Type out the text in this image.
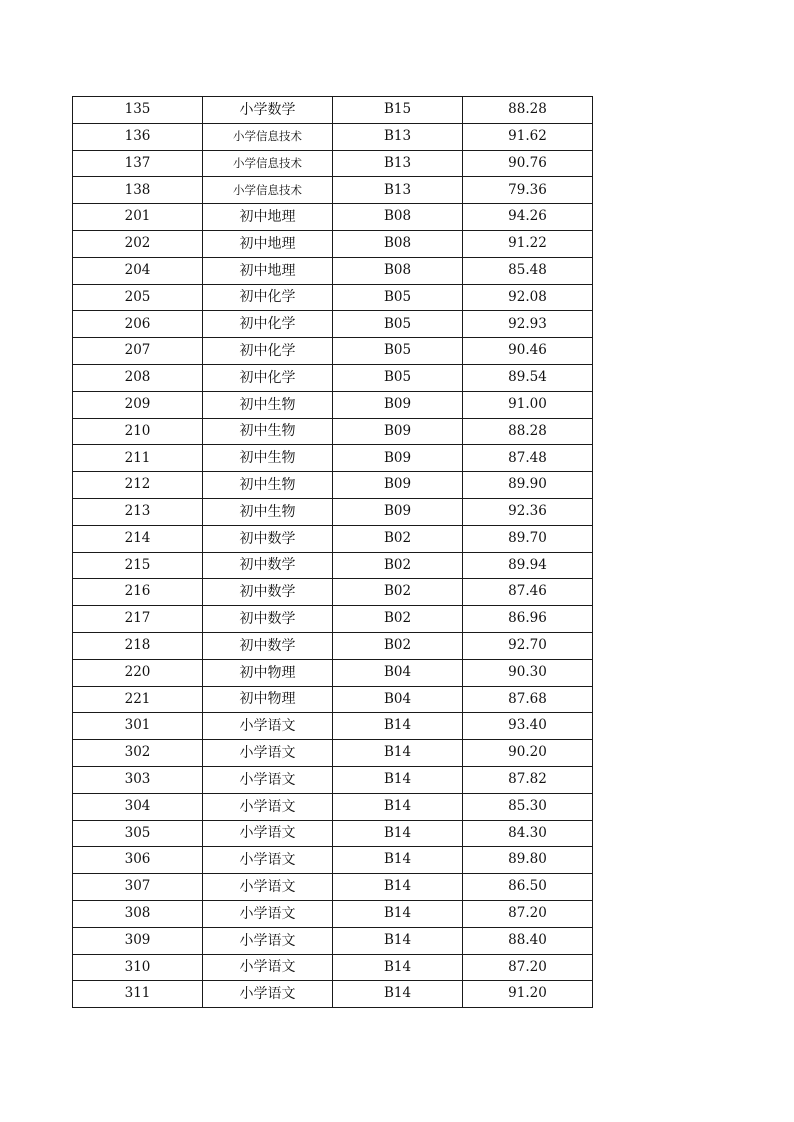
135	小学数学	B15	88.28
136	小学信息技术	B13	91.62
137	小学信息技术	B13	90.76
138	小学信息技术	B13	79.36
201	初中地理	B08	94.26
202	初中地理	B08	91.22
204	初中地理	B08	85.48
205	初中化学	B05	92.08
206	初中化学	B05	92.93
207	初中化学	B05	90.46
208	初中化学	B05	89.54
209	初中生物	B09	91.00
210	初中生物	B09	88.28
211	初中生物	B09	87.48
212	初中生物	B09	89.90
213	初中生物	B09	92.36
214	初中数学	B02	89.70
215	初中数学	B02	89.94
216	初中数学	B02	87.46
217	初中数学	B02	86.96
218	初中数学	B02	92.70
220	初中物理	B04	90.30
221	初中物理	B04	87.68
301	小学语文	B14	93.40
302	小学语文	B14	90.20
303	小学语文	B14	87.82
304	小学语文	B14	85.30
305	小学语文	B14	84.30
306	小学语文	B14	89.80
307	小学语文	B14	86.50
308	小学语文	B14	87.20
309	小学语文	B14	88.40
310	小学语文	B14	87.20
311	小学语文	B14	91.20
